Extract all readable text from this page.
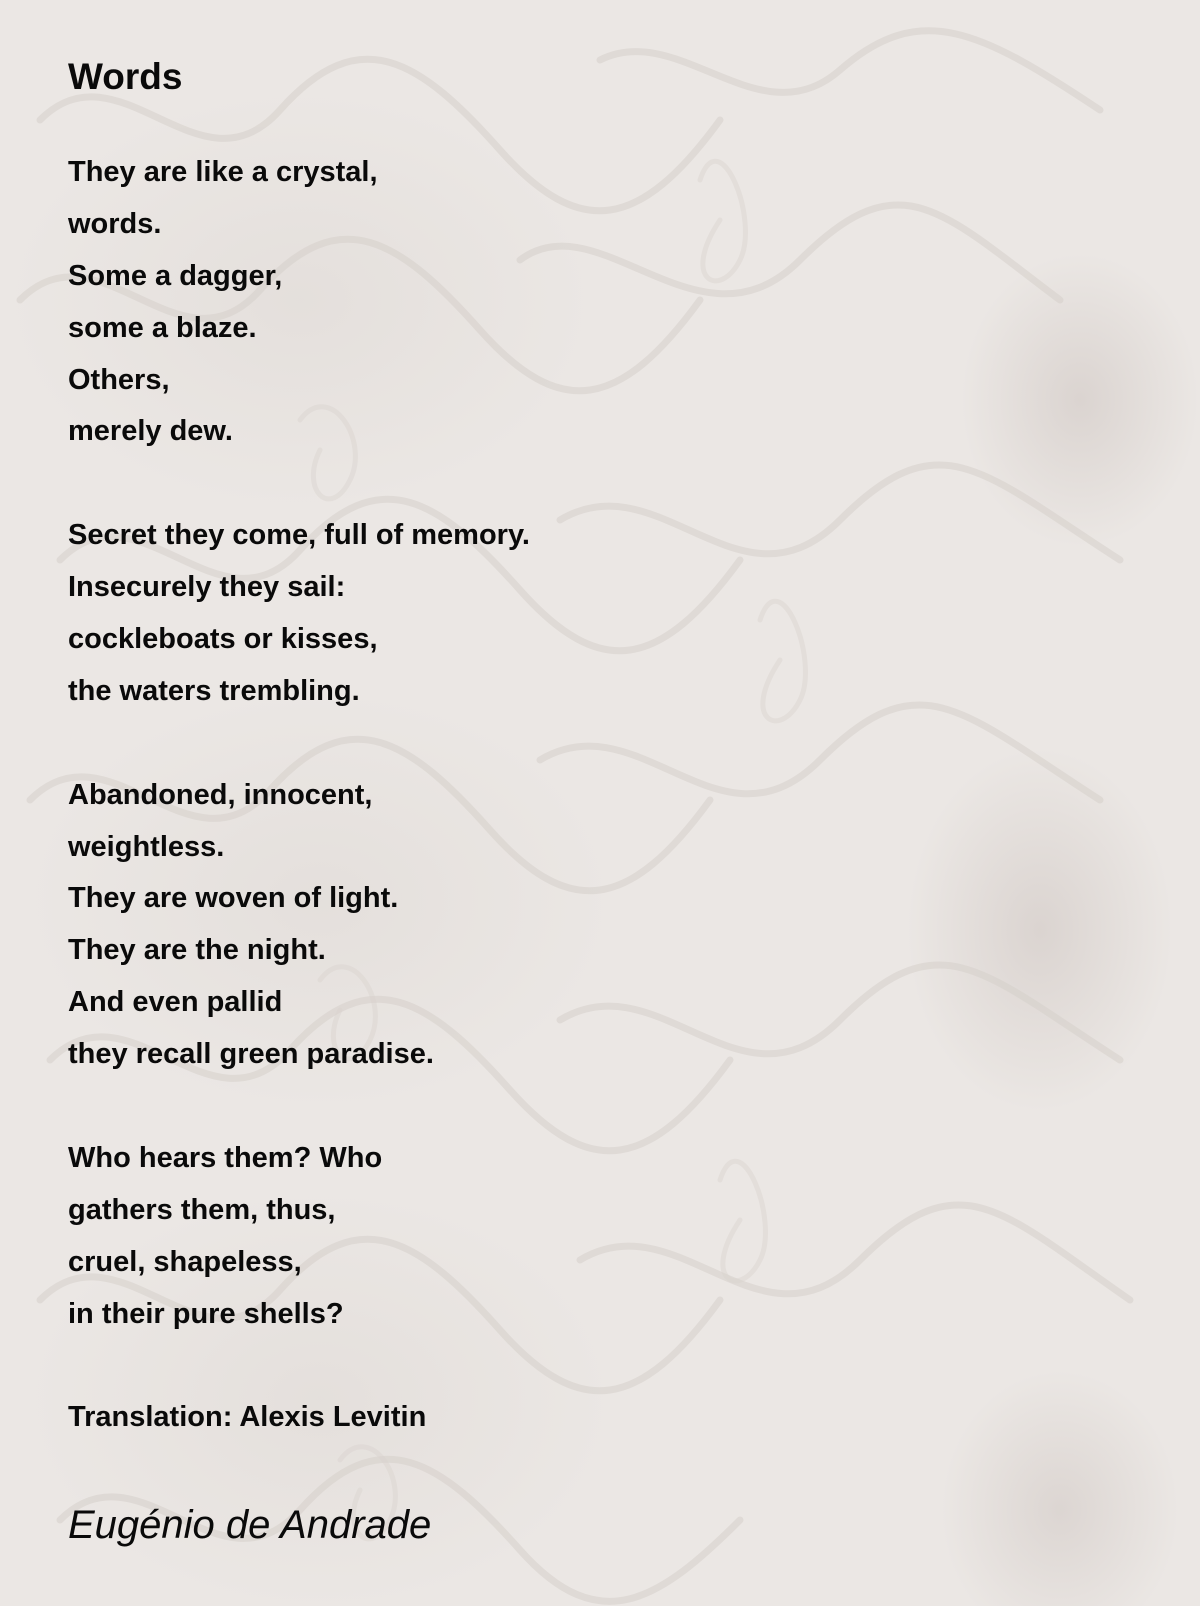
Words
They are like a crystal,
words.
Some a dagger,
some a blaze.
Others,
merely dew.
Secret they come, full of memory.
Insecurely they sail:
cockleboats or kisses,
the waters trembling.
Abandoned, innocent,
weightless.
They are woven of light.
They are the night.
And even pallid
they recall green paradise.
Who hears them? Who
gathers them, thus,
cruel, shapeless,
in their pure shells?
Translation: Alexis Levitin
Eugénio de Andrade
